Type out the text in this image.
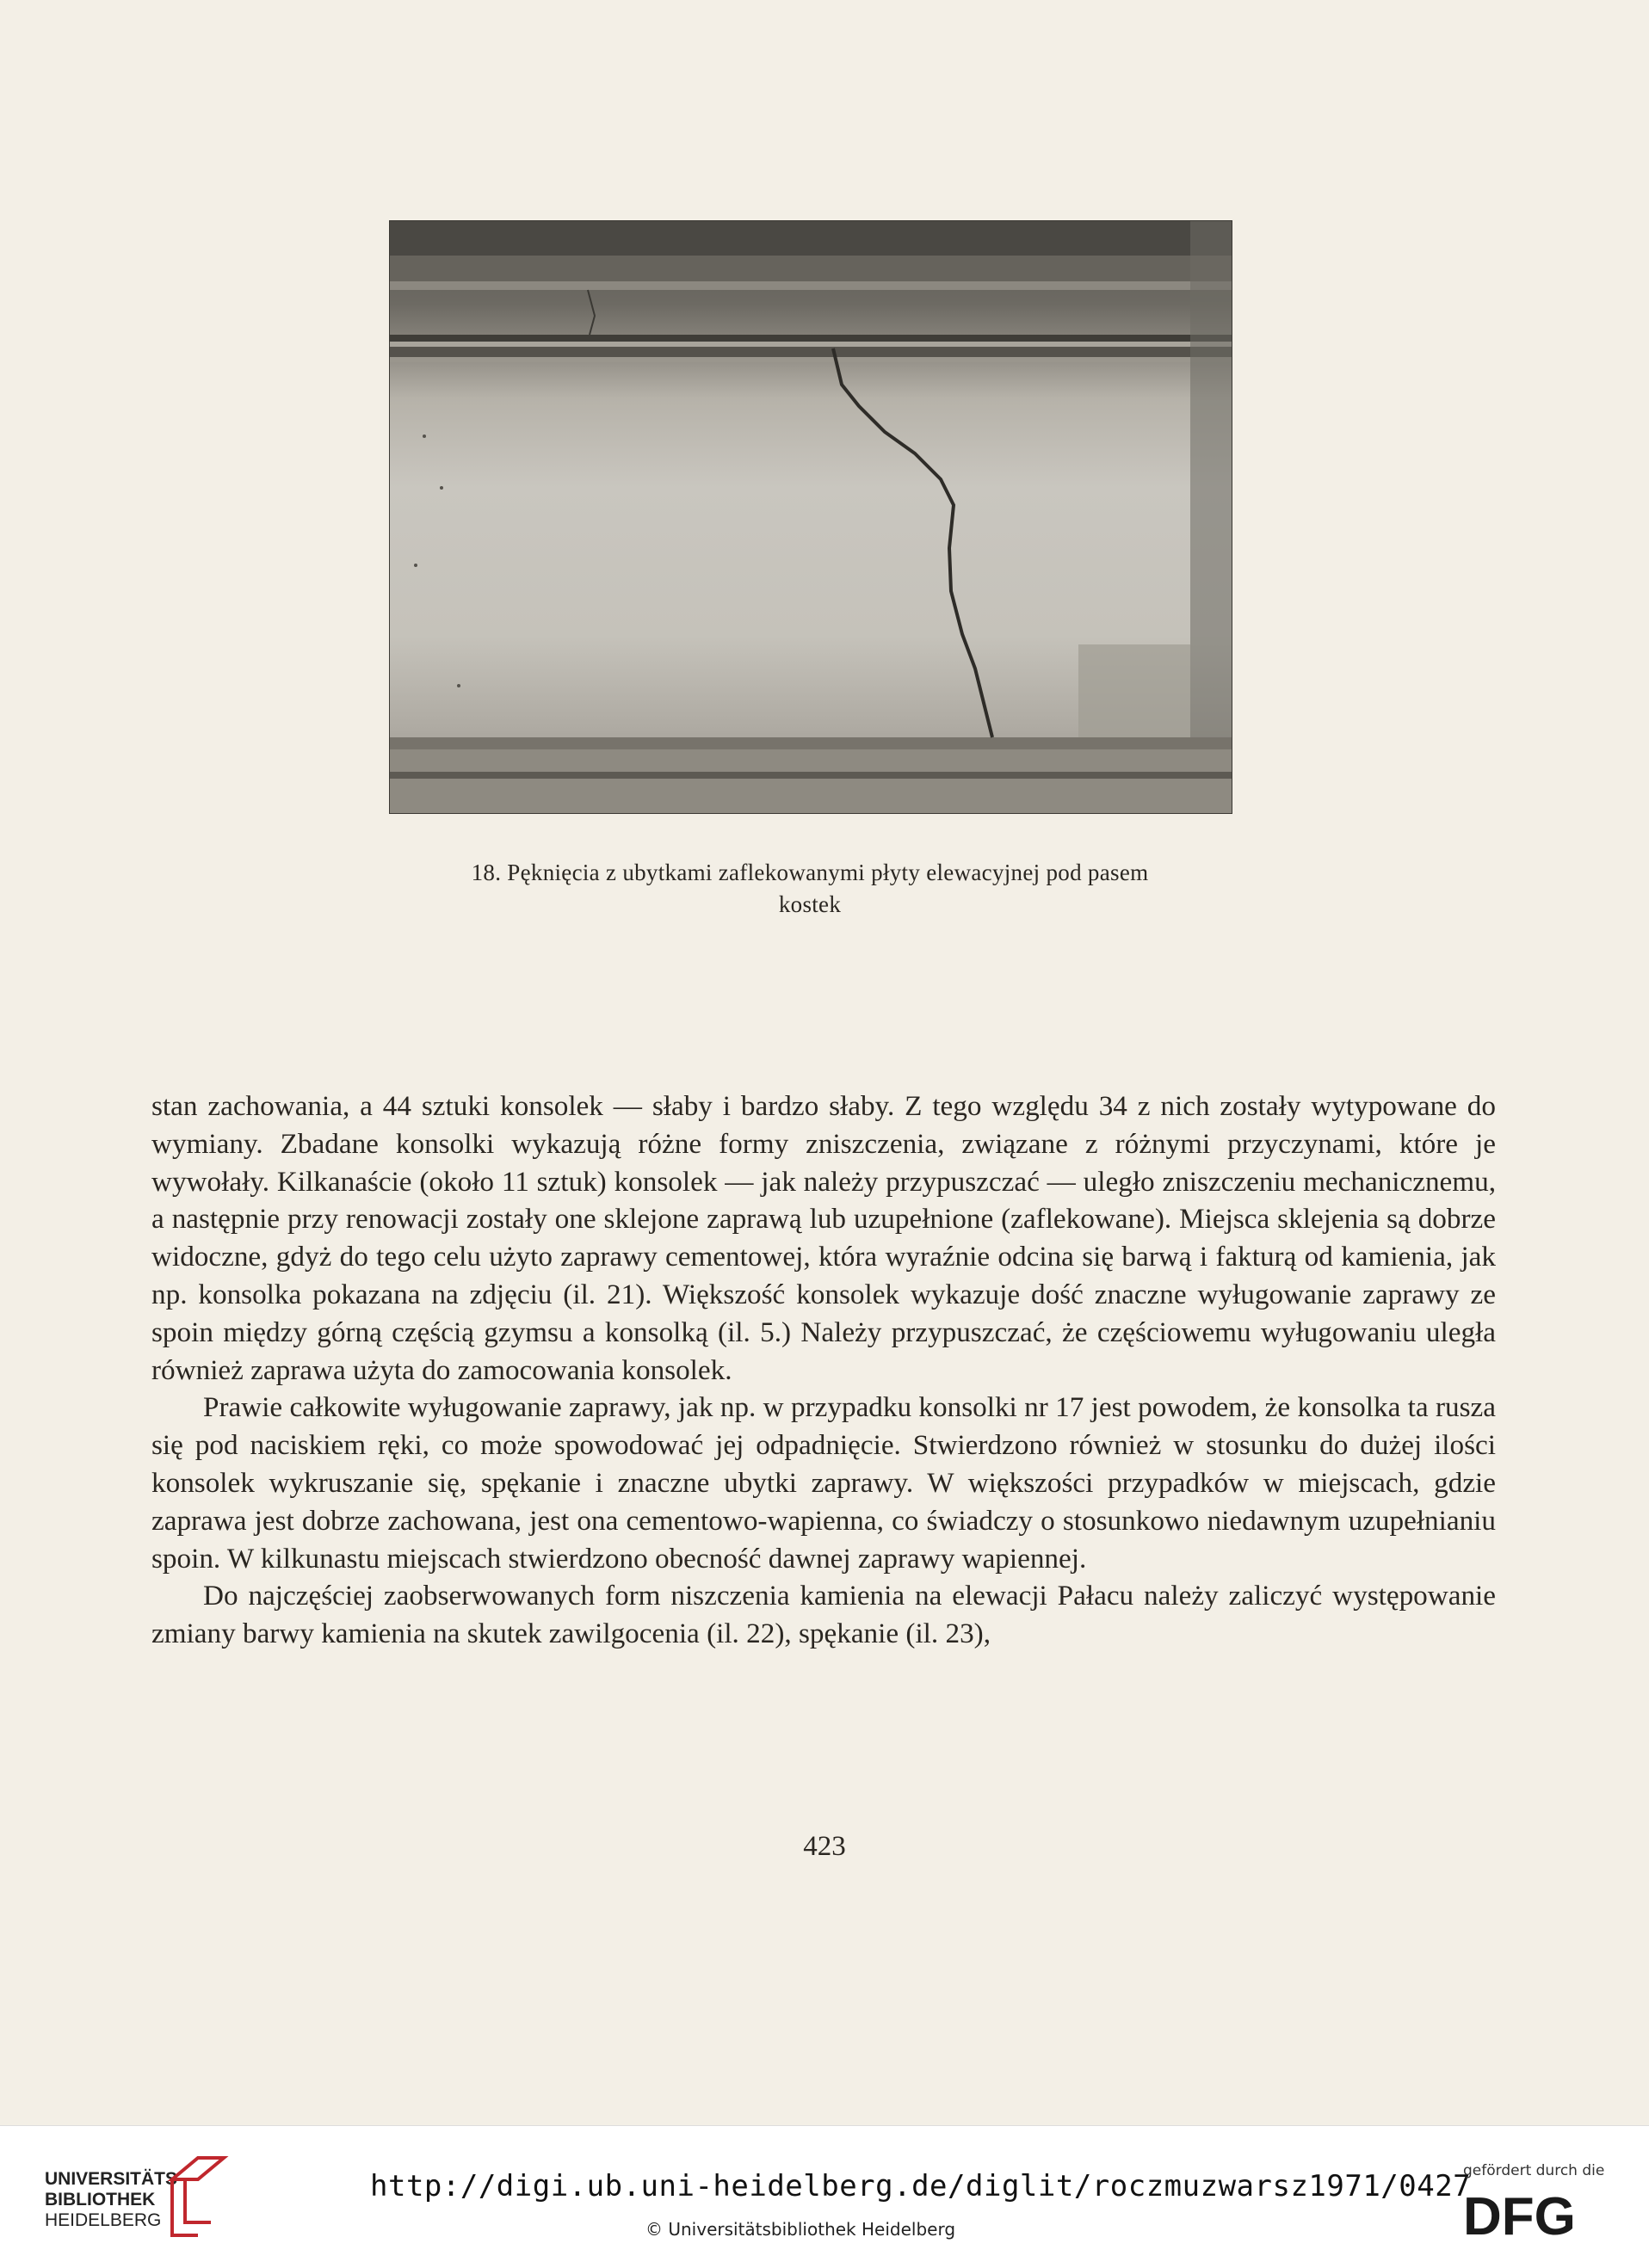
18. Pęknięcia z ubytkami zaflekowanymi płyty elewacyjnej pod pasem
kostek

stan zachowania, a 44 sztuki konsolek — słaby i bardzo słaby. Z tego względu 34 z nich zostały wytypowane do wymiany. Zbadane konsolki wykazują różne formy zniszczenia, związane z różnymi przyczynami, które je wywołały. Kilkanaście (około 11 sztuk) konsolek — jak należy przypuszczać — uległo zniszczeniu mechanicznemu, a następnie przy renowacji zostały one sklejone zaprawą lub uzupełnione (zaflekowane). Miejsca sklejenia są dobrze widoczne, gdyż do tego celu użyto zaprawy cementowej, która wyraźnie odcina się barwą i fakturą od kamienia, jak np. konsolka pokazana na zdjęciu (il. 21). Większość konsolek wykazuje dość znaczne wyługowanie zaprawy ze spoin między górną częścią gzymsu a konsolką (il. 5.) Należy przypuszczać, że częściowemu wyługowaniu uległa również zaprawa użyta do zamocowania konsolek.

Prawie całkowite wyługowanie zaprawy, jak np. w przypadku konsolki nr 17 jest powodem, że konsolka ta rusza się pod naciskiem ręki, co może spowodować jej odpadnięcie. Stwierdzono również w stosunku do dużej ilości konsolek wykruszanie się, spękanie i znaczne ubytki zaprawy. W większości przypadków w miejscach, gdzie zaprawa jest dobrze zachowana, jest ona cementowo-wapienna, co świadczy o stosunkowo niedawnym uzupełnianiu spoin. W kilkunastu miejscach stwierdzono obecność dawnej zaprawy wapiennej.

Do najczęściej zaobserwowanych form niszczenia kamienia na elewacji Pałacu należy zaliczyć występowanie zmiany barwy kamienia na skutek zawilgocenia (il. 22), spękanie (il. 23),

423
UNIVERSITÄTS-
BIBLIOTHEK
HEIDELBERG
http://digi.ub.uni-heidelberg.de/diglit/roczmuzwarsz1971/0427
© Universitätsbibliothek Heidelberg
gefördert durch die
DFG
